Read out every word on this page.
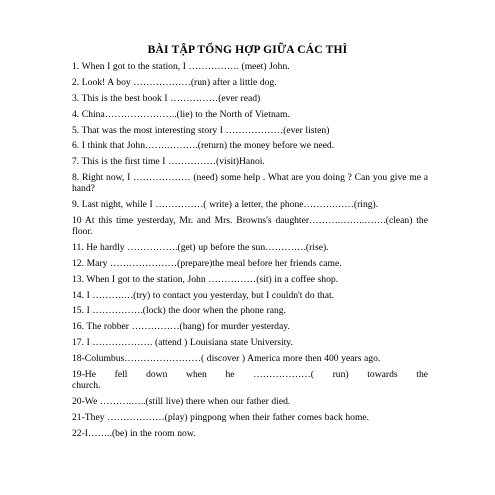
BÀI TẬP TỔNG HỢP GIỮA CÁC THÌ
1. When I got to the station, I ……………. (meet) John.
2. Look! A boy ………………(run) after a little dog.
3. This is the best book I ……………(ever read)
4. China…………………..(lie) to the North of Vietnam.
5. That was the most interesting story I ………………(ever listen)
6. I think that John…….……….(return) the money before we need.
7. This is the first time I ……………(visit)Hanoi.
8. Right now, I ……………… (need) some help . What are you doing ? Can you give me a hand?
9. Last night, while I ……………( write) a letter, the phone……….……(ring).
10 At this time yesterday, Mr. and Mrs. Browns's daughter……….……..…….(clean) the floor.
11. He hardly …………….(get) up before the sun………….(rise).
12. Mary …………………(prepare)the meal before her friends came.
13. When I got to the station, John ……………(sit) in a coffee shop.
14. I ……….…(try) to contact you yesterday, but I couldn't do that.
15. I …………….(lock) the door when the phone rang.
16. The robber ……………(hang) for murder yesterday.
17. I ………………. (attend ) Louisiana state University.
18-Columbus……………………( discover ) America more then 400 years ago.
19-He fell down when he ………………( run) towards the church.
20-We ……….…..(still live) there when our father died.
21-They ………………(play) pingpong when their father comes back home.
22-I……..(be) in the room now.
